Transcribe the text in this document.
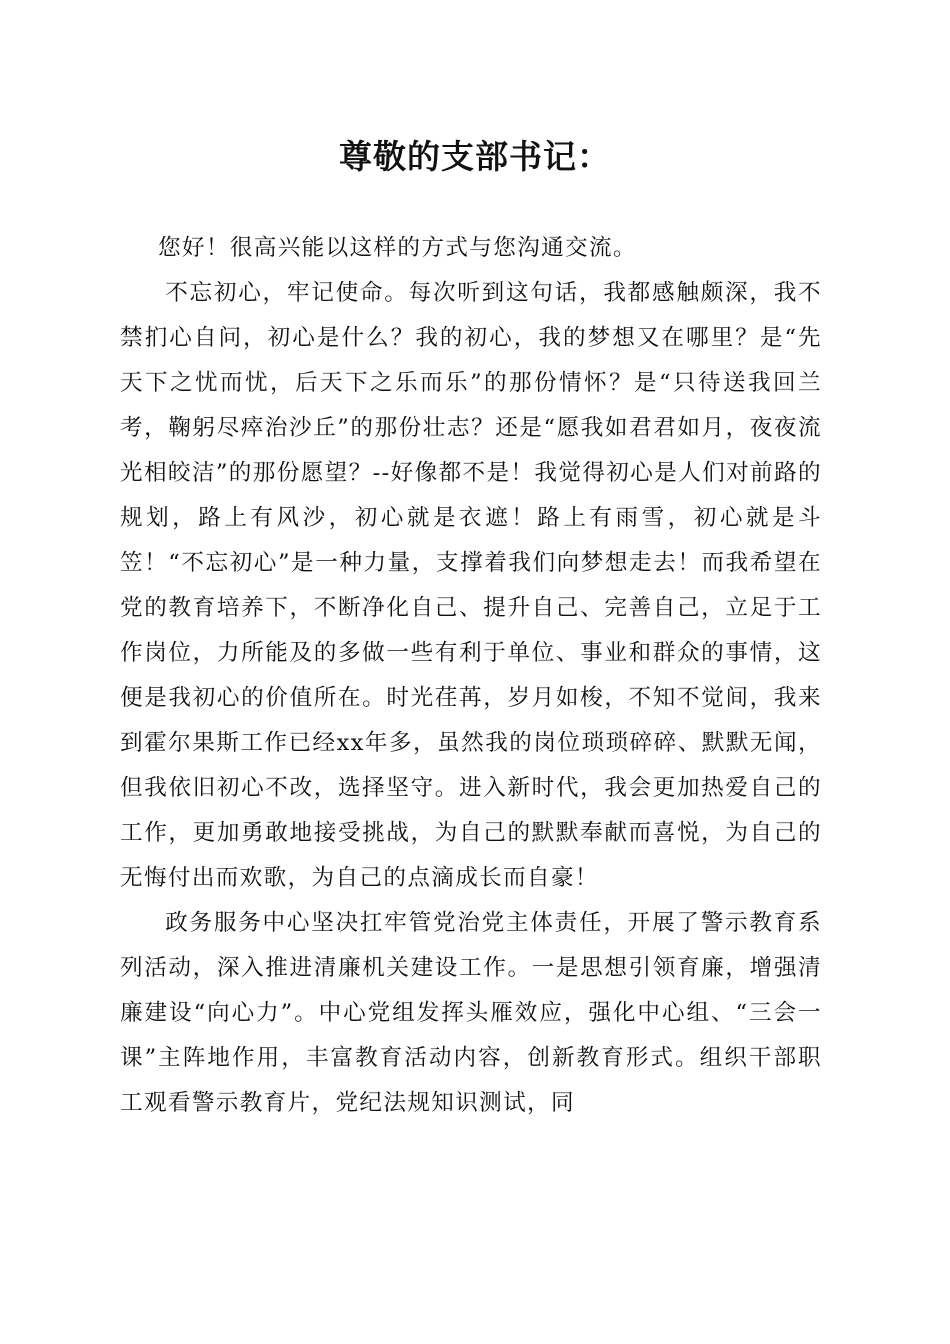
尊敬的支部书记：

您好！很高兴能以这样的方式与您沟通交流。

不忘初心，牢记使命。每次听到这句话，我都感触颇深，我不禁扪心自问，初心是什么？我的初心，我的梦想又在哪里？是“先天下之忧而忧，后天下之乐而乐”的那份情怀？是“只待送我回兰考，鞠躬尽瘁治沙丘”的那份壮志？还是“愿我如君君如月，夜夜流光相皎洁”的那份愿望？--好像都不是！我觉得初心是人们对前路的规划，路上有风沙，初心就是衣遮！路上有雨雪，初心就是斗笠！“不忘初心”是一种力量，支撑着我们向梦想走去！而我希望在党的教育培养下，不断净化自己、提升自己、完善自己，立足于工作岗位，力所能及的多做一些有利于单位、事业和群众的事情，这便是我初心的价值所在。时光荏苒，岁月如梭，不知不觉间，我来到霍尔果斯工作已经xx年多，虽然我的岗位琐琐碎碎、默默无闻，但我依旧初心不改，选择坚守。进入新时代，我会更加热爱自己的工作，更加勇敢地接受挑战，为自己的默默奉献而喜悦，为自己的无悔付出而欢歌，为自己的点滴成长而自豪！

政务服务中心坚决扛牢管党治党主体责任，开展了警示教育系列活动，深入推进清廉机关建设工作。一是思想引领育廉，增强清廉建设“向心力”。中心党组发挥头雁效应，强化中心组、“三会一课”主阵地作用，丰富教育活动内容，创新教育形式。组织干部职工观看警示教育片，党纪法规知识测试，同
